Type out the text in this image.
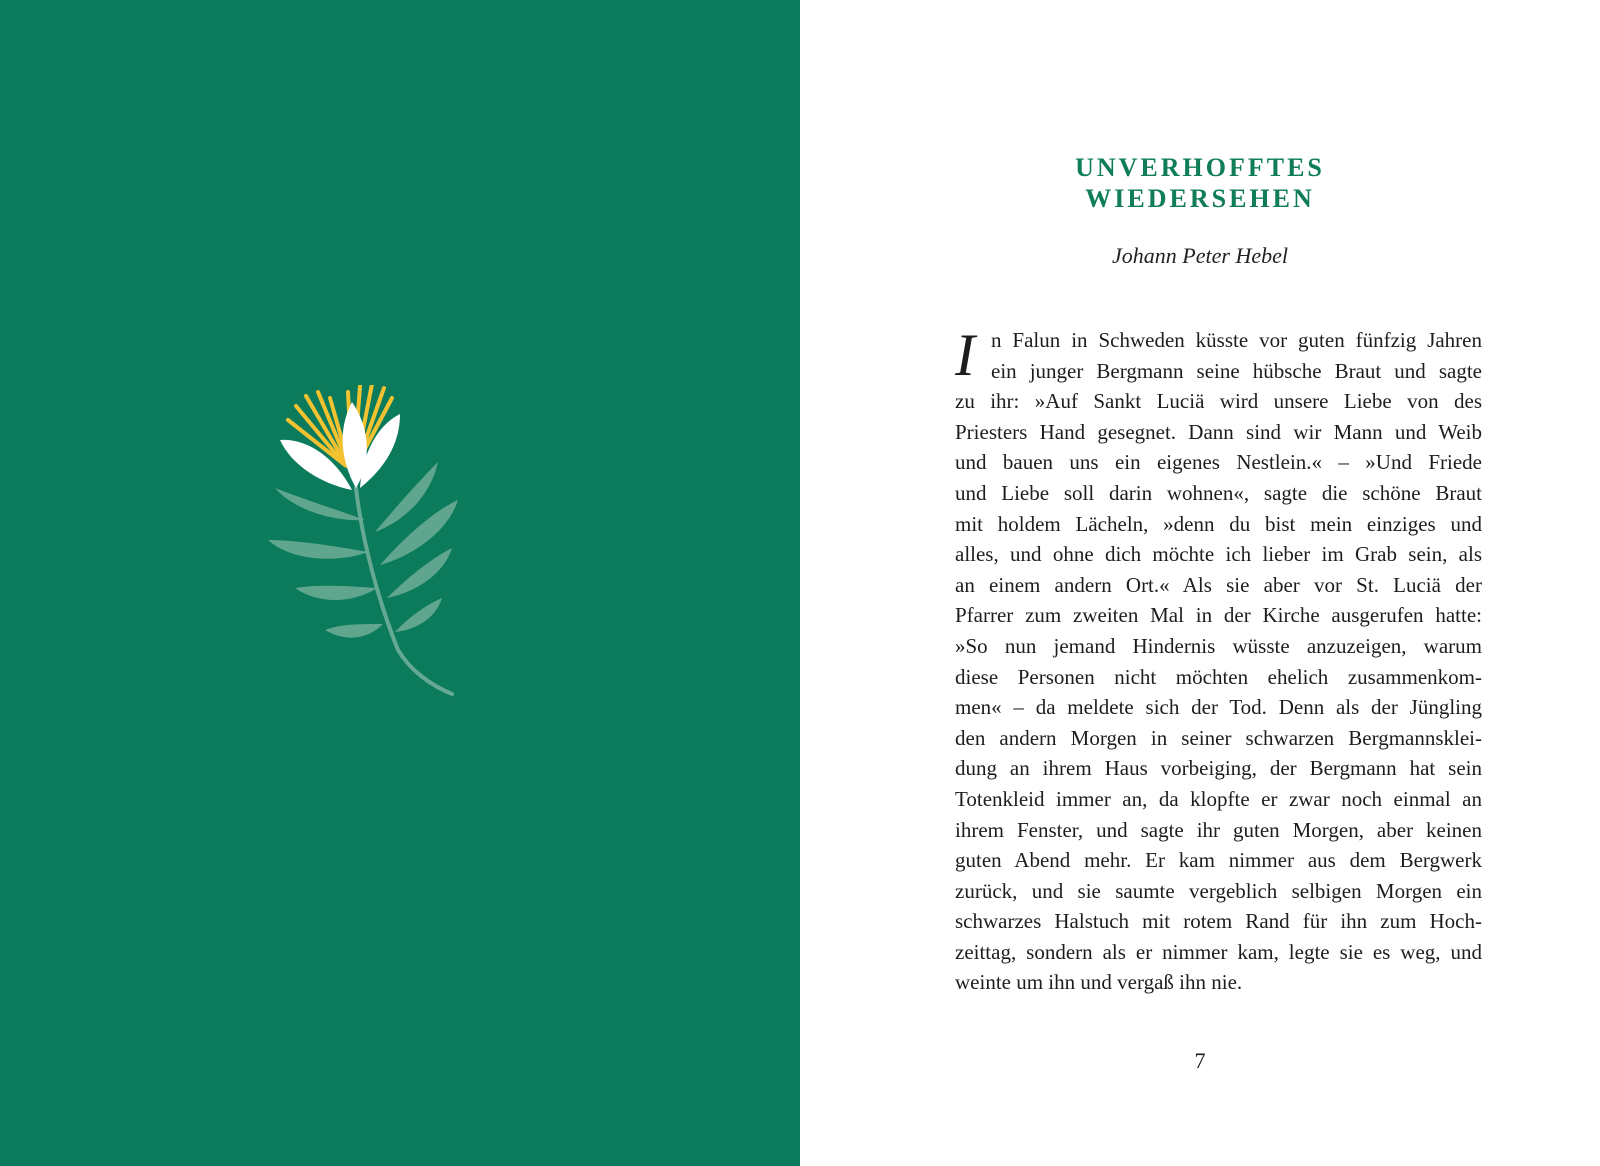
UNVERHOFFTES
WIEDERSEHEN
Johann Peter Hebel
I n Falun in Schweden küsste vor guten fünfzig Jahren
ein junger Bergmann seine hübsche Braut und sagte
zu ihr: »Auf Sankt Luciä wird unsere Liebe von des
Priesters Hand gesegnet. Dann sind wir Mann und Weib
und bauen uns ein eigenes Nestlein.« – »Und Friede
und Liebe soll darin wohnen«, sagte die schöne Braut
mit holdem Lächeln, »denn du bist mein einziges und
alles, und ohne dich möchte ich lieber im Grab sein, als
an einem andern Ort.« Als sie aber vor St. Luciä der
Pfarrer zum zweiten Mal in der Kirche ausgerufen hatte:
»So nun jemand Hindernis wüsste anzuzeigen, warum
diese Personen nicht möchten ehelich zusammenkom-
men« – da meldete sich der Tod. Denn als der Jüngling
den andern Morgen in seiner schwarzen Bergmannsklei-
dung an ihrem Haus vorbeiging, der Bergmann hat sein
Totenkleid immer an, da klopfte er zwar noch einmal an
ihrem Fenster, und sagte ihr guten Morgen, aber keinen
guten Abend mehr. Er kam nimmer aus dem Bergwerk
zurück, und sie saumte vergeblich selbigen Morgen ein
schwarzes Halstuch mit rotem Rand für ihn zum Hoch-
zeittag, sondern als er nimmer kam, legte sie es weg, und
weinte um ihn und vergaß ihn nie.
7
